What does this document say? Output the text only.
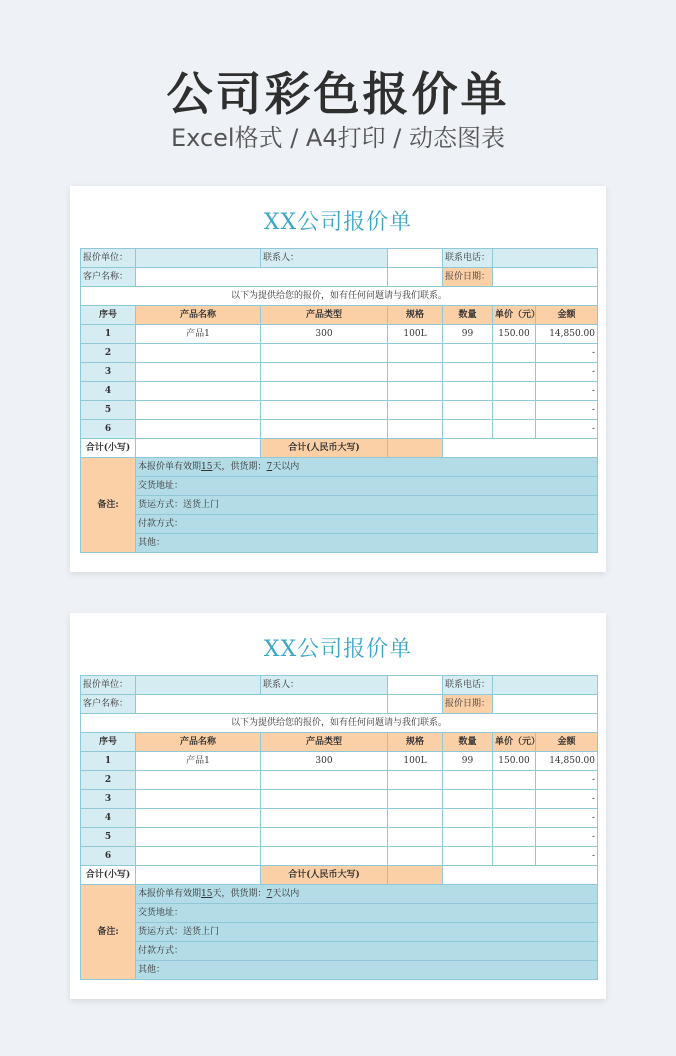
公司彩色报价单
Excel格式 / A4打印 / 动态图表
XX公司报价单
报价单位：		联系人：		联系电话：		
客户名称：				报价日期：		
以下为提供给您的报价，如有任何问题请与我们联系。						
序号	产品名称	产品类型	规格	数量	单价（元）	金额
1	产品1	300	100L	99	150.00	14,850.00
2						-
3						-
4						-
5						-
6						-
合计(小写)		合计(人民币大写)				
备注:	本报价单有效期15天，供货期：7天以内					
	交货地址：					
	货运方式：送货上门					
	付款方式：					
	其他：					
XX公司报价单
报价单位：		联系人：		联系电话：		
客户名称：				报价日期：		
以下为提供给您的报价，如有任何问题请与我们联系。						
序号	产品名称	产品类型	规格	数量	单价（元）	金额
1	产品1	300	100L	99	150.00	14,850.00
2						-
3						-
4						-
5						-
6						-
合计(小写)		合计(人民币大写)				
备注:	本报价单有效期15天，供货期：7天以内					
	交货地址：					
	货运方式：送货上门					
	付款方式：					
	其他：					
